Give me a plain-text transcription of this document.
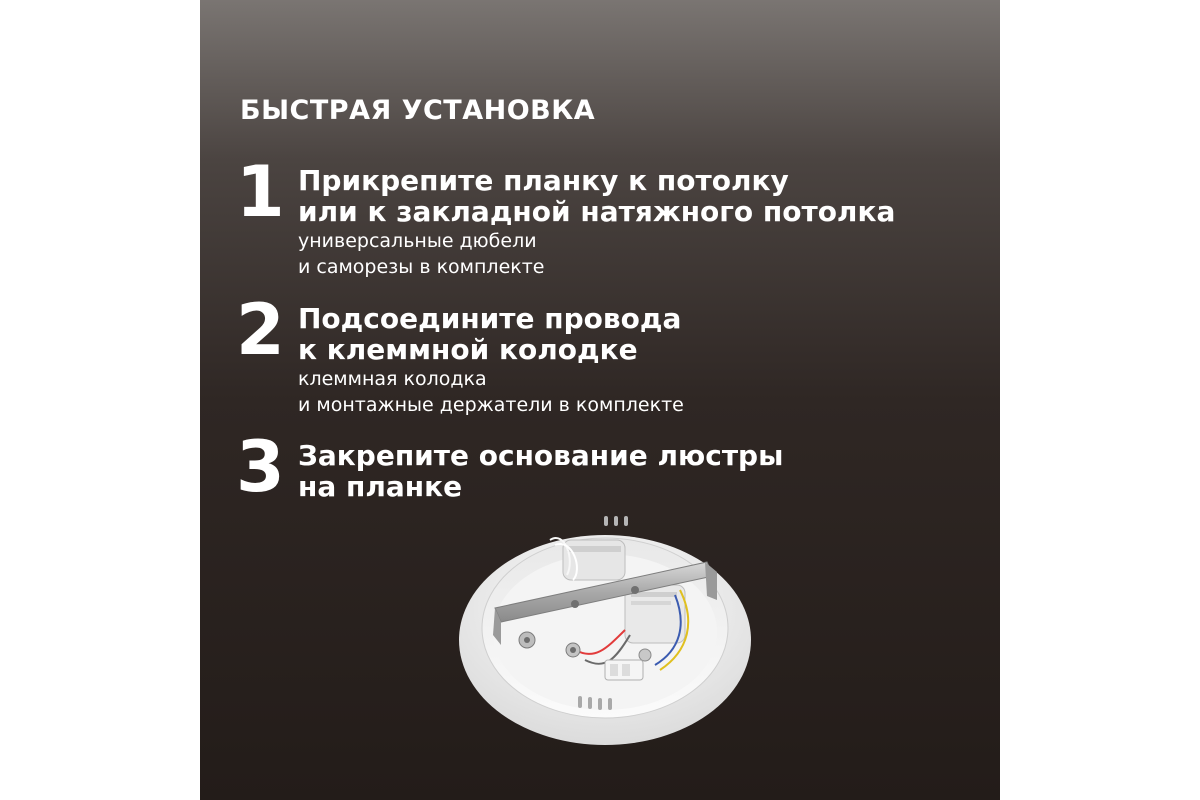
БЫСТРАЯ УСТАНОВКА
1 Прикрепите планку к потолку
или к закладной натяжного потолка
универсальные дюбели
и саморезы в комплекте
2 Подсоедините провода
к клеммной колодке
клеммная колодка
и монтажные держатели в комплекте
3 Закрепите основание люстры
на планке
